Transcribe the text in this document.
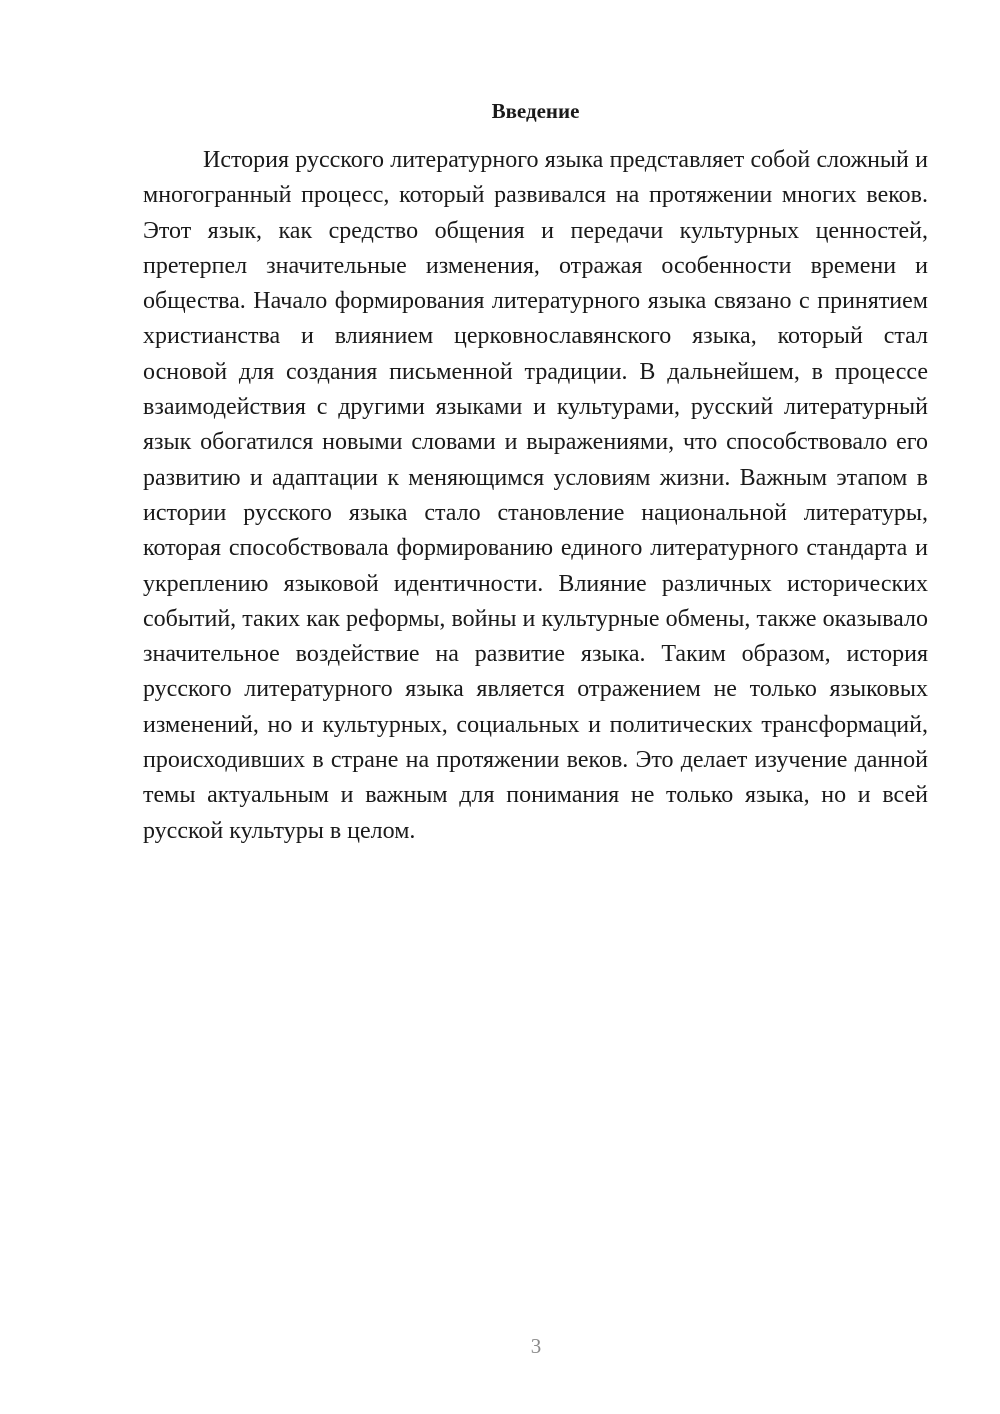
Введение

История русского литературного языка представляет собой сложный и многогранный процесс, который развивался на протяжении многих веков. Этот язык, как средство общения и передачи культурных ценностей, претерпел значительные изменения, отражая особенности времени и общества. Начало формирования литературного языка связано с принятием христианства и влиянием церковнославянского языка, который стал основой для создания письменной традиции. В дальнейшем, в процессе взаимодействия с другими языками и культурами, русский литературный язык обогатился новыми словами и выражениями, что способствовало его развитию и адаптации к меняющимся условиям жизни. Важным этапом в истории русского языка стало становление национальной литературы, которая способствовала формированию единого литературного стандарта и укреплению языковой идентичности. Влияние различных исторических событий, таких как реформы, войны и культурные обмены, также оказывало значительное воздействие на развитие языка. Таким образом, история русского литературного языка является отражением не только языковых изменений, но и культурных, социальных и политических трансформаций, происходивших в стране на протяжении веков. Это делает изучение данной темы актуальным и важным для понимания не только языка, но и всей русской культуры в целом.

3
